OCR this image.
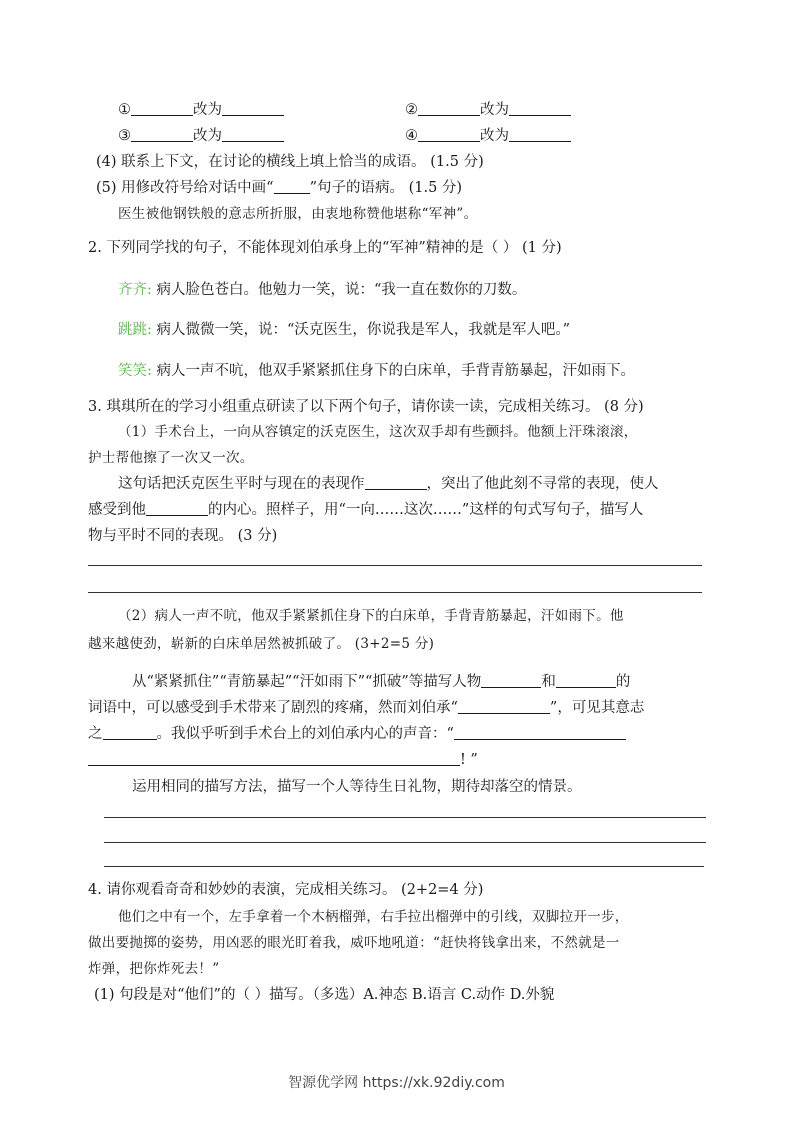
①	改为	②	改为
③	改为	④	改为
(4) 联系上下文，在讨论的横线上填上恰当的成语。 (1.5 分)
(5) 用修改符号给对话中画“ ”句子的语病。 (1.5 分)
医生被他钢铁般的意志所折服，由衷地称赞他堪称“军神”。
2. 下列同学找的句子，不能体现刘伯承身上的“军神”精神的是（ ） (1 分)
齐齐: 病人脸色苍白。他勉力一笑，说：“我一直在数你的刀数。
跳跳: 病人微微一笑，说：“沃克医生，你说我是军人，我就是军人吧。”
笑笑: 病人一声不吭，他双手紧紧抓住身下的白床单，手背青筋暴起，汗如雨下。
3. 琪琪所在的学习小组重点研读了以下两个句子，请你读一读，完成相关练习。 (8 分)
（1）手术台上，一向从容镇定的沃克医生，这次双手却有些颤抖。他额上汗珠滚滚，
护士帮他擦了一次又一次。
这句话把沃克医生平时与现在的表现作	，突出了他此刻不寻常的表现，使人
感受到他	的内心。照样子，用“一向……这次……”这样的句式写句子，描写人
物与平时不同的表现。 (3 分)
（2）病人一声不吭，他双手紧紧抓住身下的白床单，手背青筋暴起，汗如雨下。他
越来越使劲，崭新的白床单居然被抓破了。 (3+2=5 分)
从“紧紧抓住”“青筋暴起”“汗如雨下”“抓破”等描写人物	和	的
词语中，可以感受到手术带来了剧烈的疼痛，然而刘伯承“	”，可见其意志
之	。我似乎听到手术台上的刘伯承内心的声音：“
! ”
运用相同的描写方法，描写一个人等待生日礼物，期待却落空的情景。
4. 请你观看奇奇和妙妙的表演，完成相关练习。 (2+2=4 分)
他们之中有一个，左手拿着一个木柄榴弹，右手拉出榴弹中的引线，双脚拉开一步，
做出要抛掷的姿势，用凶恶的眼光盯着我，威吓地吼道：“赶快将钱拿出来，不然就是一
炸弹，把你炸死去！”
(1) 句段是对“他们”的（ ）描写。（多选）A.神态 B.语言 C.动作 D.外貌
智源优学网 https://xk.92diy.com
